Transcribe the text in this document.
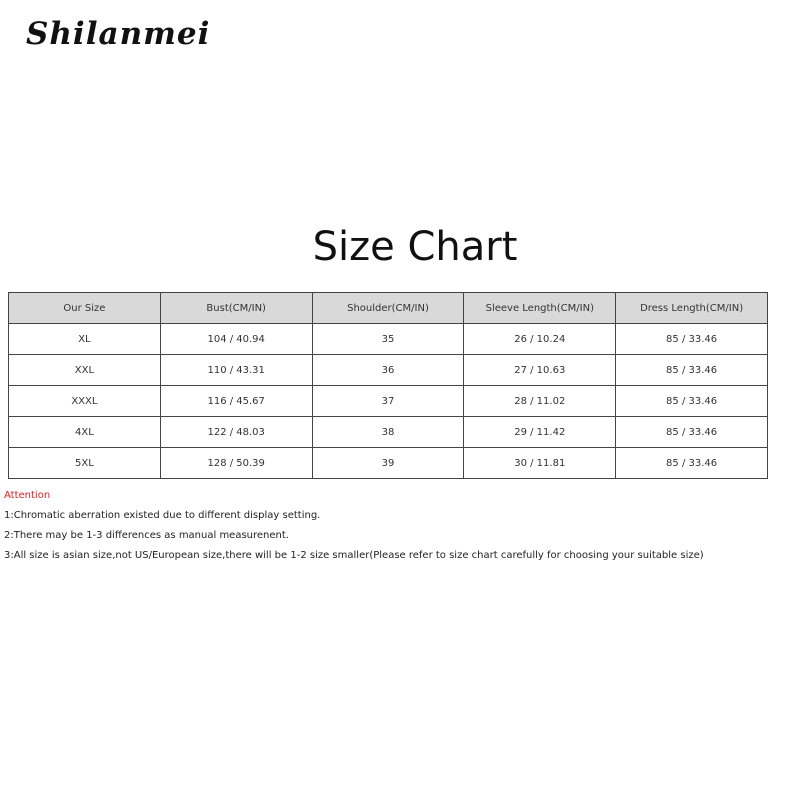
Shilanmei
Size Chart
Our Size	Bust(CM/IN)	Shoulder(CM/IN)	Sleeve Length(CM/IN)	Dress Length(CM/IN)
XL	104 / 40.94	35	26 / 10.24	85 / 33.46
XXL	110 / 43.31	36	27 / 10.63	85 / 33.46
XXXL	116 / 45.67	37	28 / 11.02	85 / 33.46
4XL	122 / 48.03	38	29 / 11.42	85 / 33.46
5XL	128 / 50.39	39	30 / 11.81	85 / 33.46
Attention
1:Chromatic aberration existed due to different display setting.
2:There may be 1-3 differences as manual measurenent.
3:All size is asian size,not US/European size,there will be 1-2 size smaller(Please refer to size chart carefully for choosing your suitable size)
